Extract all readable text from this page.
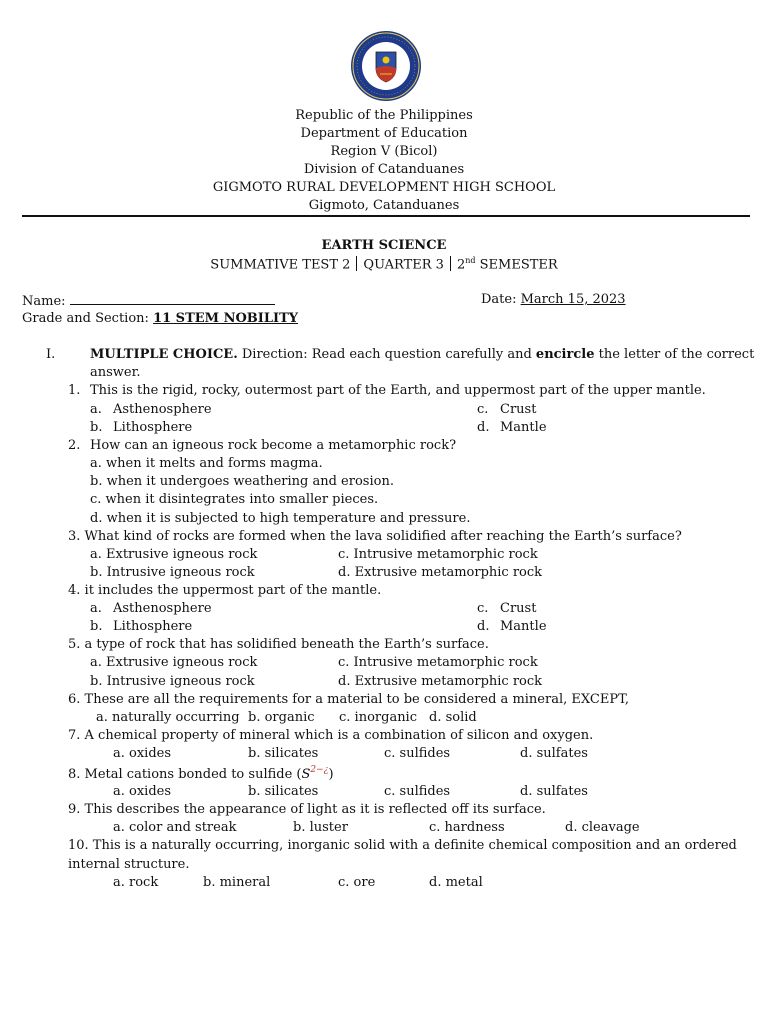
Republic of the Philippines
Department of Education
Region V (Bicol)
Division of Catanduanes
GIGMOTO RURAL DEVELOPMENT HIGH SCHOOL
Gigmoto, Catanduanes
EARTH SCIENCE
SUMMATIVE TEST 2 QUARTER 3 2nd SEMESTER
Name:	Date: March 15, 2023
Grade and Section: 11 STEM NOBILITY
I.	MULTIPLE CHOICE. Direction: Read each question carefully and encircle the letter of the correct
answer.
1. This is the rigid, rocky, outermost part of the Earth, and uppermost part of the upper mantle.
a. Asthenosphere	c. Crust
b. Lithosphere	d. Mantle
2. How can an igneous rock become a metamorphic rock?
a. when it melts and forms magma.
b. when it undergoes weathering and erosion.
c. when it disintegrates into smaller pieces.
d. when it is subjected to high temperature and pressure.
3. What kind of rocks are formed when the lava solidified after reaching the Earth’s surface?
a. Extrusive igneous rock	c. Intrusive metamorphic rock
b. Intrusive igneous rock	d. Extrusive metamorphic rock
4. it includes the uppermost part of the mantle.
a. Asthenosphere	c. Crust
b. Lithosphere	d. Mantle
5. a type of rock that has solidified beneath the Earth’s surface.
a. Extrusive igneous rock	c. Intrusive metamorphic rock
b. Intrusive igneous rock	d. Extrusive metamorphic rock
6. These are all the requirements for a material to be considered a mineral, EXCEPT,
a. naturally occurring b. organic c. inorganic d. solid
7. A chemical property of mineral which is a combination of silicon and oxygen.
a. oxides	b. silicates	c. sulfides	d. sulfates
8. Metal cations bonded to sulfide $(S^{2-¿})$
a. oxides	b. silicates	c. sulfides	d. sulfates
9. This describes the appearance of light as it is reflected off its surface.
a. color and streak	b. luster	c. hardness	d. cleavage
10. This is a naturally occurring, inorganic solid with a definite chemical composition and an ordered
internal structure.
a. rock	b. mineral	c. ore	d. metal
